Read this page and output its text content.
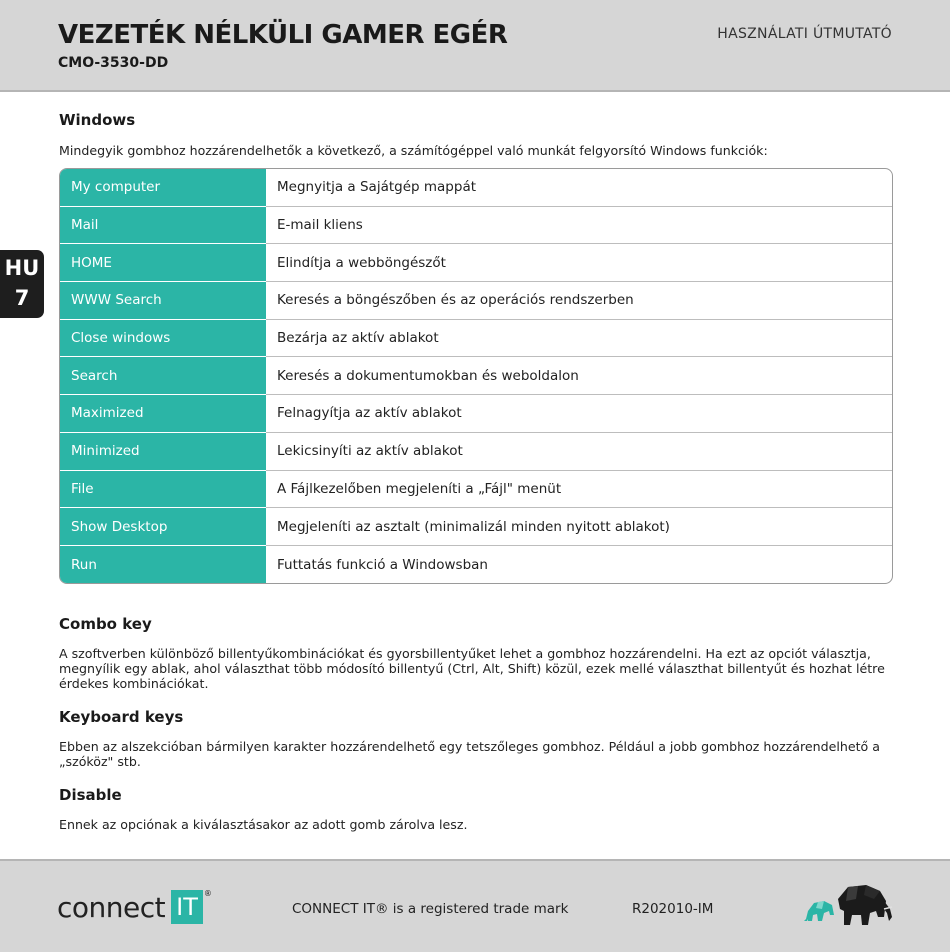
VEZETÉK NÉLKÜLI GAMER EGÉR
CMO-3530-DD
HASZNÁLATI ÚTMUTATÓ
HU
7
Windows

Mindegyik gombhoz hozzárendelhetők a következő, a számítógéppel való munkát felgyorsító Windows funkciók:

My computer	Megnyitja a Sajátgép mappát
Mail	E-mail kliens
HOME	Elindítja a webböngészőt
WWW Search	Keresés a böngészőben és az operációs rendszerben
Close windows	Bezárja az aktív ablakot
Search	Keresés a dokumentumokban és weboldalon
Maximized	Felnagyítja az aktív ablakot
Minimized	Lekicsinyíti az aktív ablakot
File	A Fájlkezelőben megjeleníti a „Fájl" menüt
Show Desktop	Megjeleníti az asztalt (minimalizál minden nyitott ablakot)
Run	Futtatás funkció a Windowsban
Combo key

A szoftverben különböző billentyűkombinációkat és gyorsbillentyűket lehet a gombhoz hozzárendelni. Ha ezt az opciót választja, megnyílik egy ablak, ahol választhat több módosító billentyű (Ctrl, Alt, Shift) közül, ezek mellé választhat billentyűt és hozhat létre érdekes kombinációkat.

Keyboard keys

Ebben az alszekcióban bármilyen karakter hozzárendelhető egy tetszőleges gombhoz. Például a jobb gombhoz hozzárendelhető a „szóköz" stb.

Disable

Ennek az opciónak a kiválasztásakor az adott gomb zárolva lesz.

connect IT ®
CONNECT IT® is a registered trade mark	R202010-IM
